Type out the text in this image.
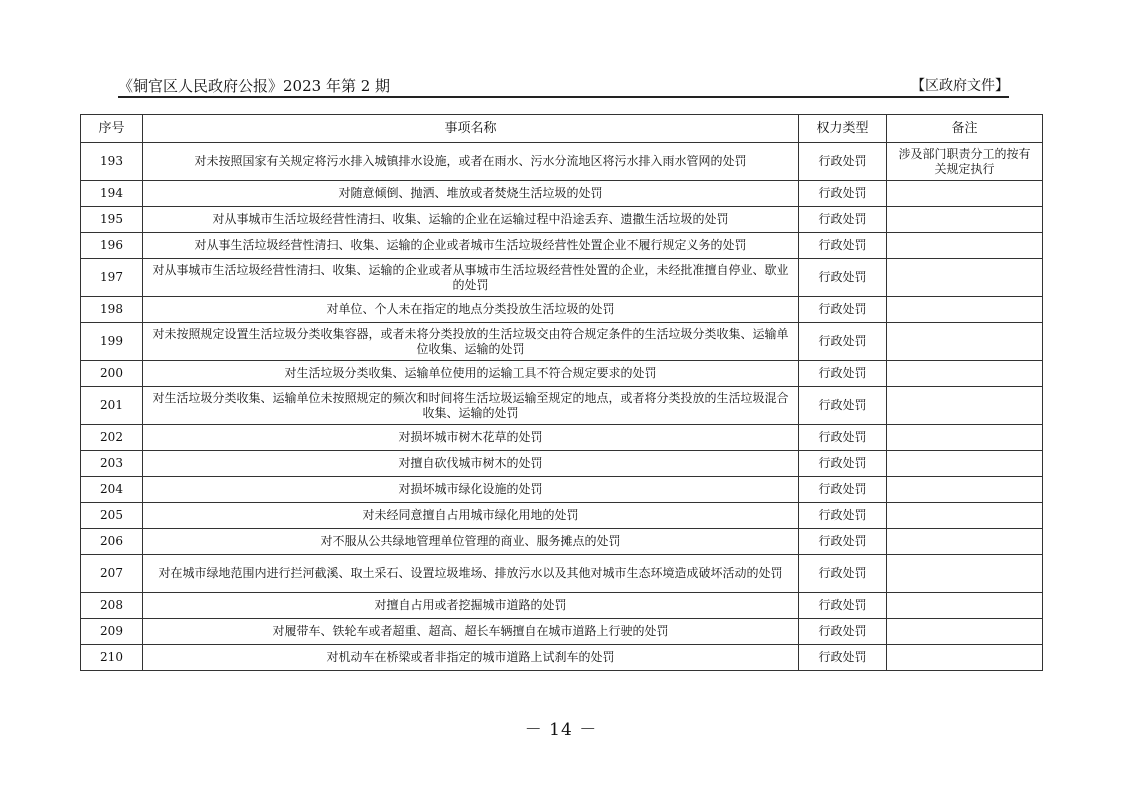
《铜官区人民政府公报》2023 年第 2 期	【区政府文件】
序号	事项名称	权力类型	备注
193	对未按照国家有关规定将污水排入城镇排水设施，或者在雨水、污水分流地区将污水排入雨水管网的处罚	行政处罚	涉及部门职责分工的按有关规定执行
194	对随意倾倒、抛洒、堆放或者焚烧生活垃圾的处罚	行政处罚	
195	对从事城市生活垃圾经营性清扫、收集、运输的企业在运输过程中沿途丢弃、遗撒生活垃圾的处罚	行政处罚	
196	对从事生活垃圾经营性清扫、收集、运输的企业或者城市生活垃圾经营性处置企业不履行规定义务的处罚	行政处罚	
197	对从事城市生活垃圾经营性清扫、收集、运输的企业或者从事城市生活垃圾经营性处置的企业，未经批准擅自停业、歇业的处罚	行政处罚	
198	对单位、个人未在指定的地点分类投放生活垃圾的处罚	行政处罚	
199	对未按照规定设置生活垃圾分类收集容器，或者未将分类投放的生活垃圾交由符合规定条件的生活垃圾分类收集、运输单位收集、运输的处罚	行政处罚	
200	对生活垃圾分类收集、运输单位使用的运输工具不符合规定要求的处罚	行政处罚	
201	对生活垃圾分类收集、运输单位未按照规定的频次和时间将生活垃圾运输至规定的地点，或者将分类投放的生活垃圾混合收集、运输的处罚	行政处罚	
202	对损坏城市树木花草的处罚	行政处罚	
203	对擅自砍伐城市树木的处罚	行政处罚	
204	对损坏城市绿化设施的处罚	行政处罚	
205	对未经同意擅自占用城市绿化用地的处罚	行政处罚	
206	对不服从公共绿地管理单位管理的商业、服务摊点的处罚	行政处罚	
207	对在城市绿地范围内进行拦河截溪、取土采石、设置垃圾堆场、排放污水以及其他对城市生态环境造成破坏活动的处罚	行政处罚	
208	对擅自占用或者挖掘城市道路的处罚	行政处罚	
209	对履带车、铁轮车或者超重、超高、超长车辆擅自在城市道路上行驶的处罚	行政处罚	
210	对机动车在桥梁或者非指定的城市道路上试刹车的处罚	行政处罚	
－ 14 －
